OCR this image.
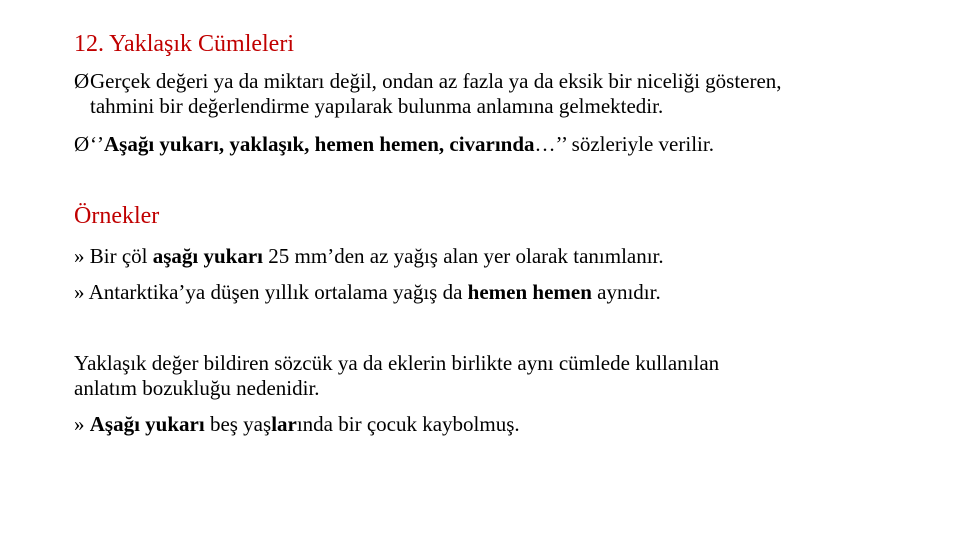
12. Yaklaşık Cümleleri
ØGerçek değeri ya da miktarı değil, ondan az fazla ya da eksik bir niceliği gösteren,
tahmini bir değerlendirme yapılarak bulunma anlamına gelmektedir.
Ø‘’Aşağı yukarı, yaklaşık, hemen hemen, civarında…’’ sözleriyle verilir.
Örnekler
» Bir çöl aşağı yukarı 25 mm’den az yağış alan yer olarak tanımlanır.
» Antarktika’ya düşen yıllık ortalama yağış da hemen hemen aynıdır.
Yaklaşık değer bildiren sözcük ya da eklerin birlikte aynı cümlede kullanılan
anlatım bozukluğu nedenidir.
» Aşağı yukarı beş yaşlarında bir çocuk kaybolmuş.
